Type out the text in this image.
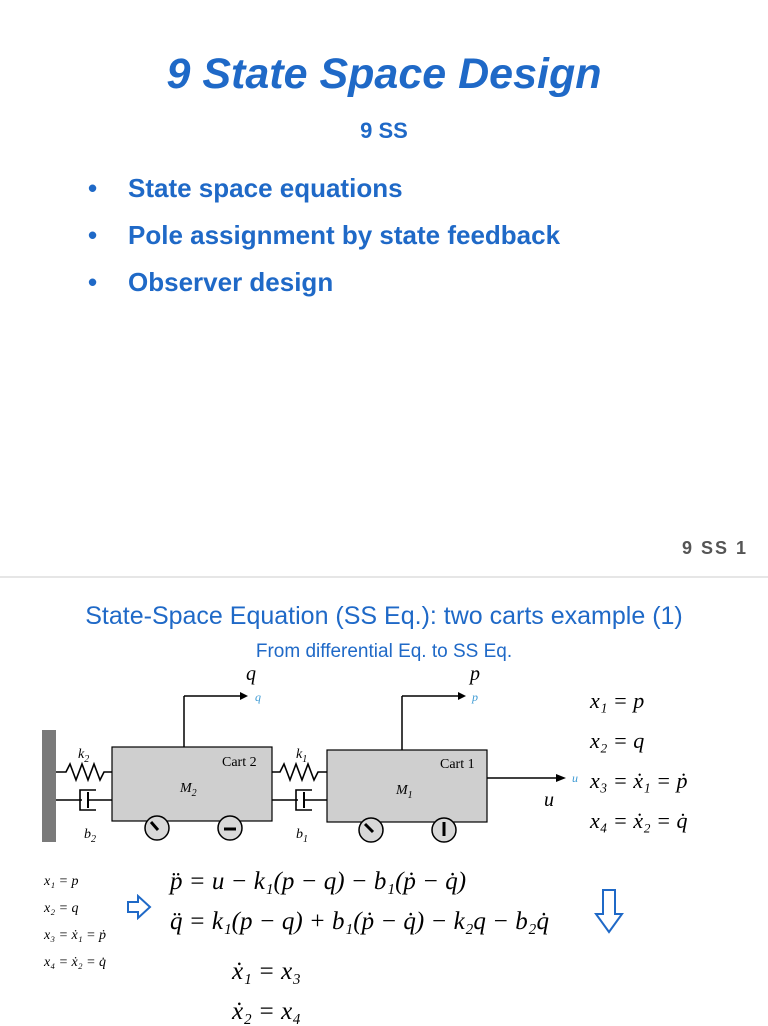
9 State Space Design
9 SS
• State space equations
• Pole assignment by state feedback
• Observer design
9 SS 1
State-Space Equation (SS Eq.): two carts example (1)
From differential Eq. to SS Eq.
$k_2$
$b_2$
Cart 2
$M_2$
q
q
$k_1$
$b_1$
Cart 1
$M_1$
p
p
u
u
x₁ = p
x₂ = q
x₃ = ẋ₁ = ṗ
x₄ = ẋ₂ = q̇
x₁ = p
x₂ = q
x₃ = ẋ₁ = ṗ
x₄ = ẋ₂ = q̇
p̈ = u − k₁(p − q) − b₁(ṗ − q̇)
q̈ = k₁(p − q) + b₁(ṗ − q̇) − k₂q − b₂q̇
ẋ₁ = x₃
ẋ₂ = x₄
